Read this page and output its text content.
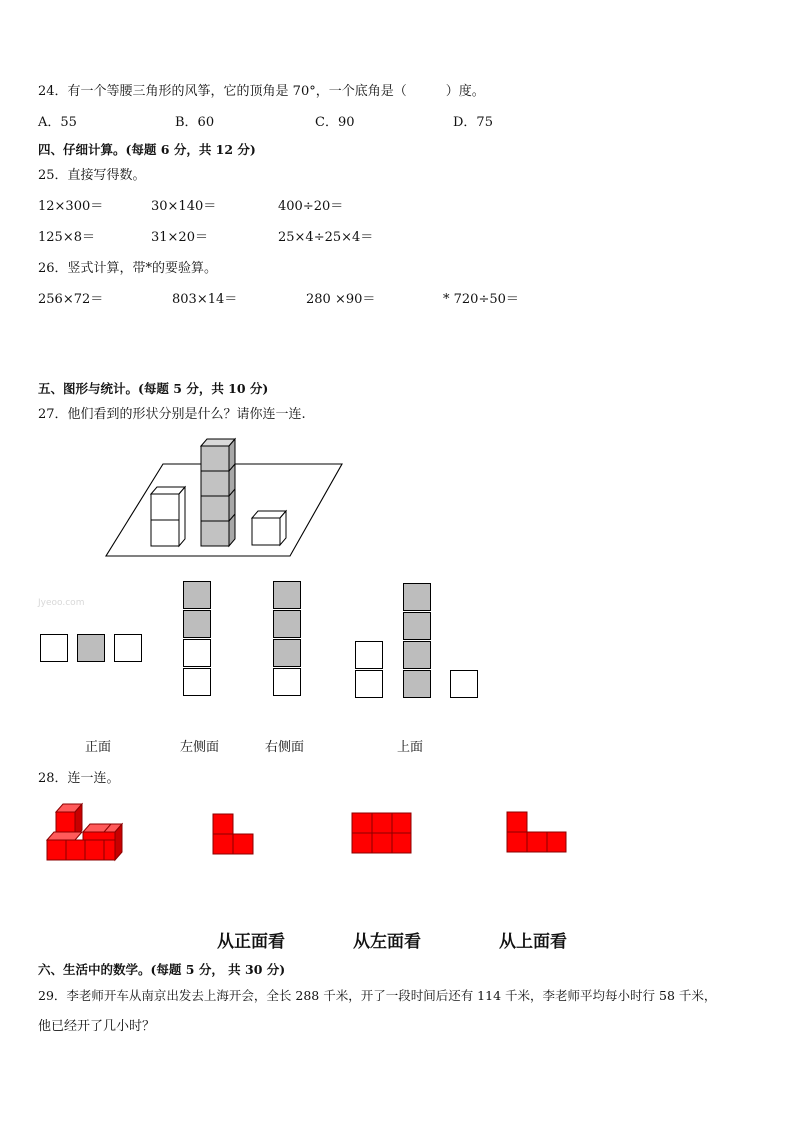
24．有一个等腰三角形的风筝，它的顶角是 70°，一个底角是（　　　）度。
A．55	B．60	C．90	D．75
四、仔细计算。(每题 6 分，共 12 分)
25．直接写得数。
12×300＝	30×140＝	400÷20＝
125×8＝	31×20＝	25×4÷25×4＝
26．竖式计算，带*的要验算。
256×72＝	803×14＝	280 ×90＝	* 720÷50＝
五、图形与统计。(每题 5 分，共 10 分)
27．他们看到的形状分别是什么？请你连一连.
Jyeoo.com
正面	左侧面	右侧面	上面
28．连一连。
从正面看	从左面看	从上面看
六、生活中的数学。(每题 5 分， 共 30 分)
29．李老师开车从南京出发去上海开会，全长 288 千米，开了一段时间后还有 114 千米，李老师平均每小时行 58 千米，
他已经开了几小时？
